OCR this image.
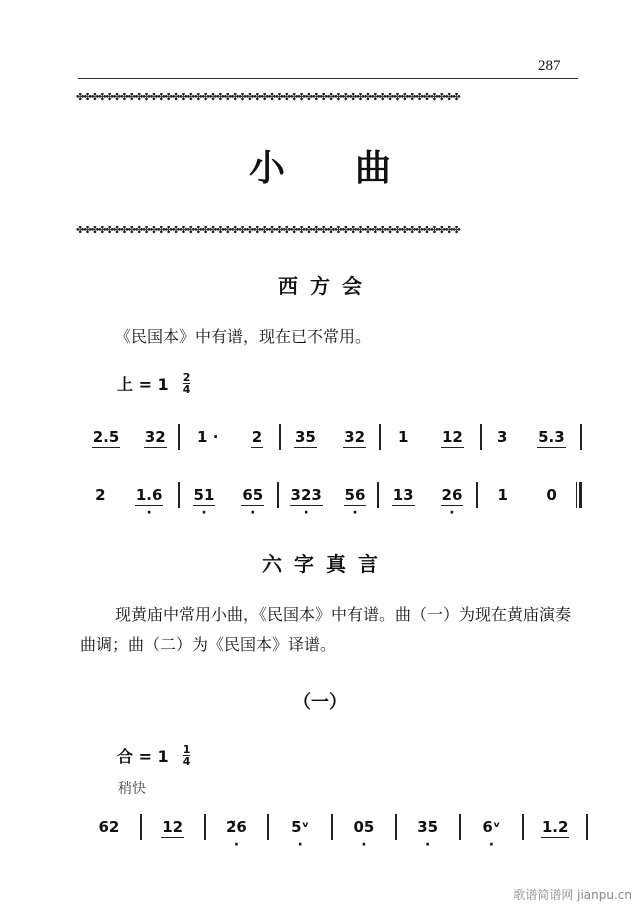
287
✤✤✤✤✤✤✤✤✤✤✤✤✤✤✤✤✤✤✤✤✤✤✤✤✤✤✤✤✤✤✤✤✤✤✤✤✤✤✤✤✤✤✤✤✤✤✤✤✤✤✤✤
小曲
✤✤✤✤✤✤✤✤✤✤✤✤✤✤✤✤✤✤✤✤✤✤✤✤✤✤✤✤✤✤✤✤✤✤✤✤✤✤✤✤✤✤✤✤✤✤✤✤✤✤✤✤
西方会
《民国本》中有谱，现在已不常用。
上 = $1 \frac{2}{4}$
2.5 32 1 · 2 35 32 1 12 3 5.3
2 1.6 · 51 · 65 · 323 · 56 · 13 26 · 1	0
六字真言
现黄庙中常用小曲，《民国本》中有谱。曲（一）为现在黄庙演奏曲调；曲（二）为《民国本》译谱。
（一）
合 = $1 \frac{1}{4}$
稍快
62	12	2̃6 ·	5ᵛ ·	05 ·	35 ·	6ᵛ ·	1.2
歌谱简谱网 jianpu.cn
